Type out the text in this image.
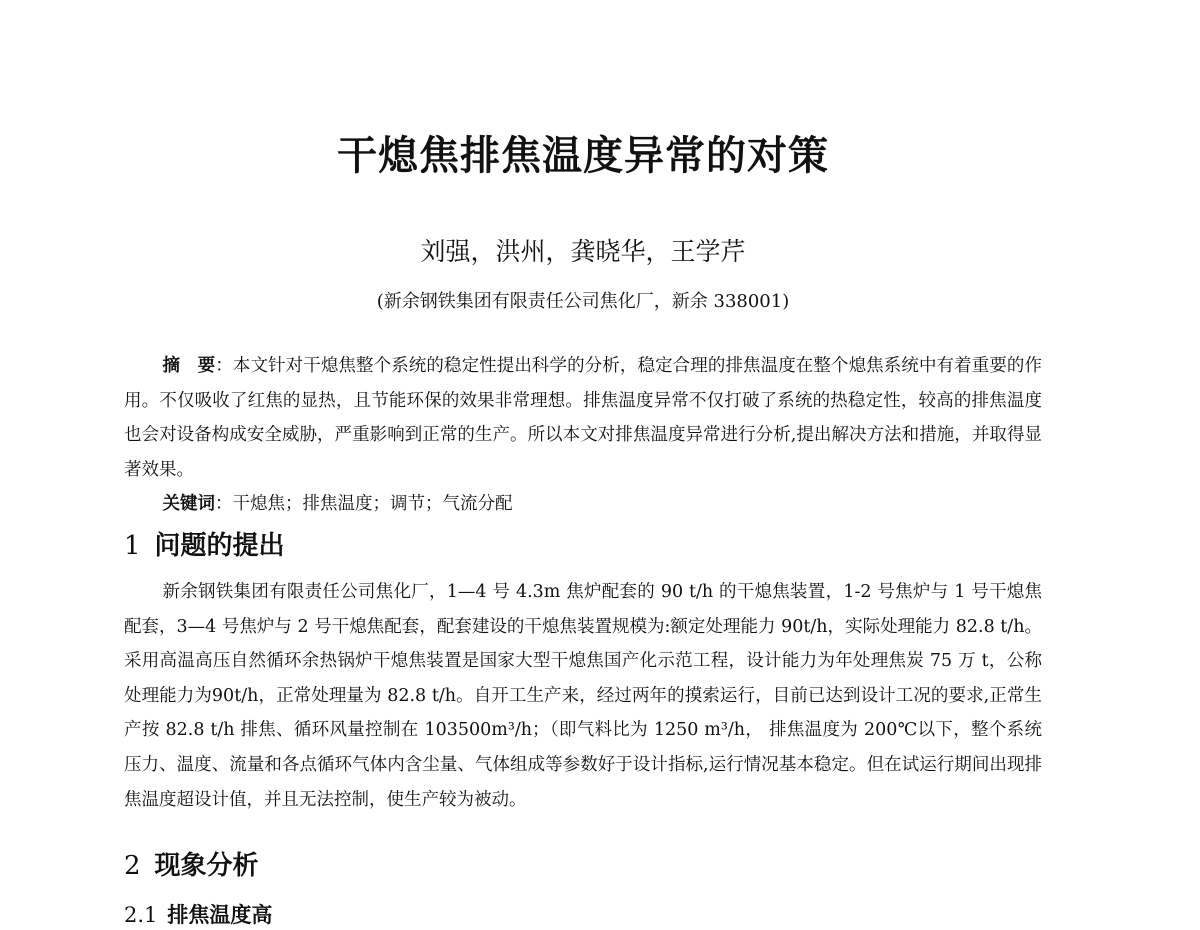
干熄焦排焦温度异常的对策
刘强，洪州，龚晓华，王学芹
(新余钢铁集团有限责任公司焦化厂，新余 338001)

摘　要：本文针对干熄焦整个系统的稳定性提出科学的分析，稳定合理的排焦温度在整个熄焦系统中有着重要的作用。不仅吸收了红焦的显热，且节能环保的效果非常理想。排焦温度异常不仅打破了系统的热稳定性，较高的排焦温度也会对设备构成安全威胁，严重影响到正常的生产。所以本文对排焦温度异常进行分析,提出解决方法和措施，并取得显著效果。

关键词：干熄焦；排焦温度；调节；气流分配

1 问题的提出

新余钢铁集团有限责任公司焦化厂，1—4 号 4.3m 焦炉配套的 90 t/h 的干熄焦装置，1-2 号焦炉与 1 号干熄焦配套，3—4 号焦炉与 2 号干熄焦配套，配套建设的干熄焦装置规模为:额定处理能力 90t/h，实际处理能力 82.8 t/h。采用高温高压自然循环余热锅炉干熄焦装置是国家大型干熄焦国产化示范工程，设计能力为年处理焦炭 75 万 t，公称处理能力为90t/h，正常处理量为 82.8 t/h。自开工生产来，经过两年的摸索运行，目前已达到设计工况的要求,正常生产按 82.8 t/h 排焦、循环风量控制在 103500m³/h；（即气料比为 1250 m³/h， 排焦温度为 200℃以下，整个系统压力、温度、流量和各点循环气体内含尘量、气体组成等参数好于设计指标,运行情况基本稳定。但在试运行期间出现排焦温度超设计值，并且无法控制，使生产较为被动。

2 现象分析
2.1 排焦温度高
